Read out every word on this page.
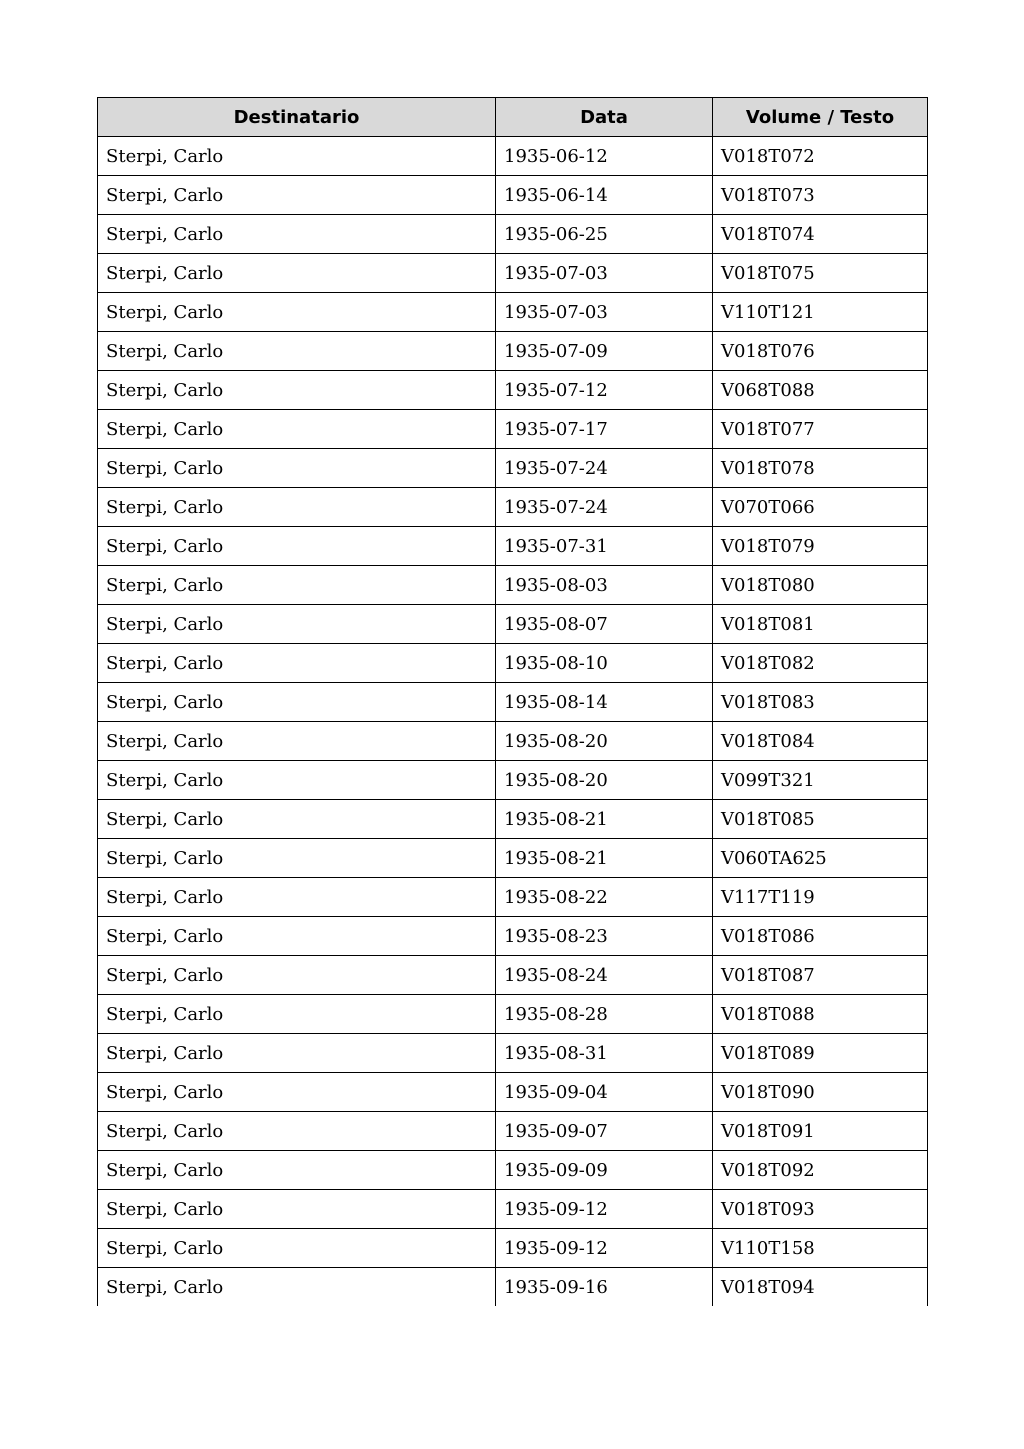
Destinatario	Data	Volume / Testo
Sterpi, Carlo	1935-06-12	V018T072
Sterpi, Carlo	1935-06-14	V018T073
Sterpi, Carlo	1935-06-25	V018T074
Sterpi, Carlo	1935-07-03	V018T075
Sterpi, Carlo	1935-07-03	V110T121
Sterpi, Carlo	1935-07-09	V018T076
Sterpi, Carlo	1935-07-12	V068T088
Sterpi, Carlo	1935-07-17	V018T077
Sterpi, Carlo	1935-07-24	V018T078
Sterpi, Carlo	1935-07-24	V070T066
Sterpi, Carlo	1935-07-31	V018T079
Sterpi, Carlo	1935-08-03	V018T080
Sterpi, Carlo	1935-08-07	V018T081
Sterpi, Carlo	1935-08-10	V018T082
Sterpi, Carlo	1935-08-14	V018T083
Sterpi, Carlo	1935-08-20	V018T084
Sterpi, Carlo	1935-08-20	V099T321
Sterpi, Carlo	1935-08-21	V018T085
Sterpi, Carlo	1935-08-21	V060TA625
Sterpi, Carlo	1935-08-22	V117T119
Sterpi, Carlo	1935-08-23	V018T086
Sterpi, Carlo	1935-08-24	V018T087
Sterpi, Carlo	1935-08-28	V018T088
Sterpi, Carlo	1935-08-31	V018T089
Sterpi, Carlo	1935-09-04	V018T090
Sterpi, Carlo	1935-09-07	V018T091
Sterpi, Carlo	1935-09-09	V018T092
Sterpi, Carlo	1935-09-12	V018T093
Sterpi, Carlo	1935-09-12	V110T158
Sterpi, Carlo	1935-09-16	V018T094
